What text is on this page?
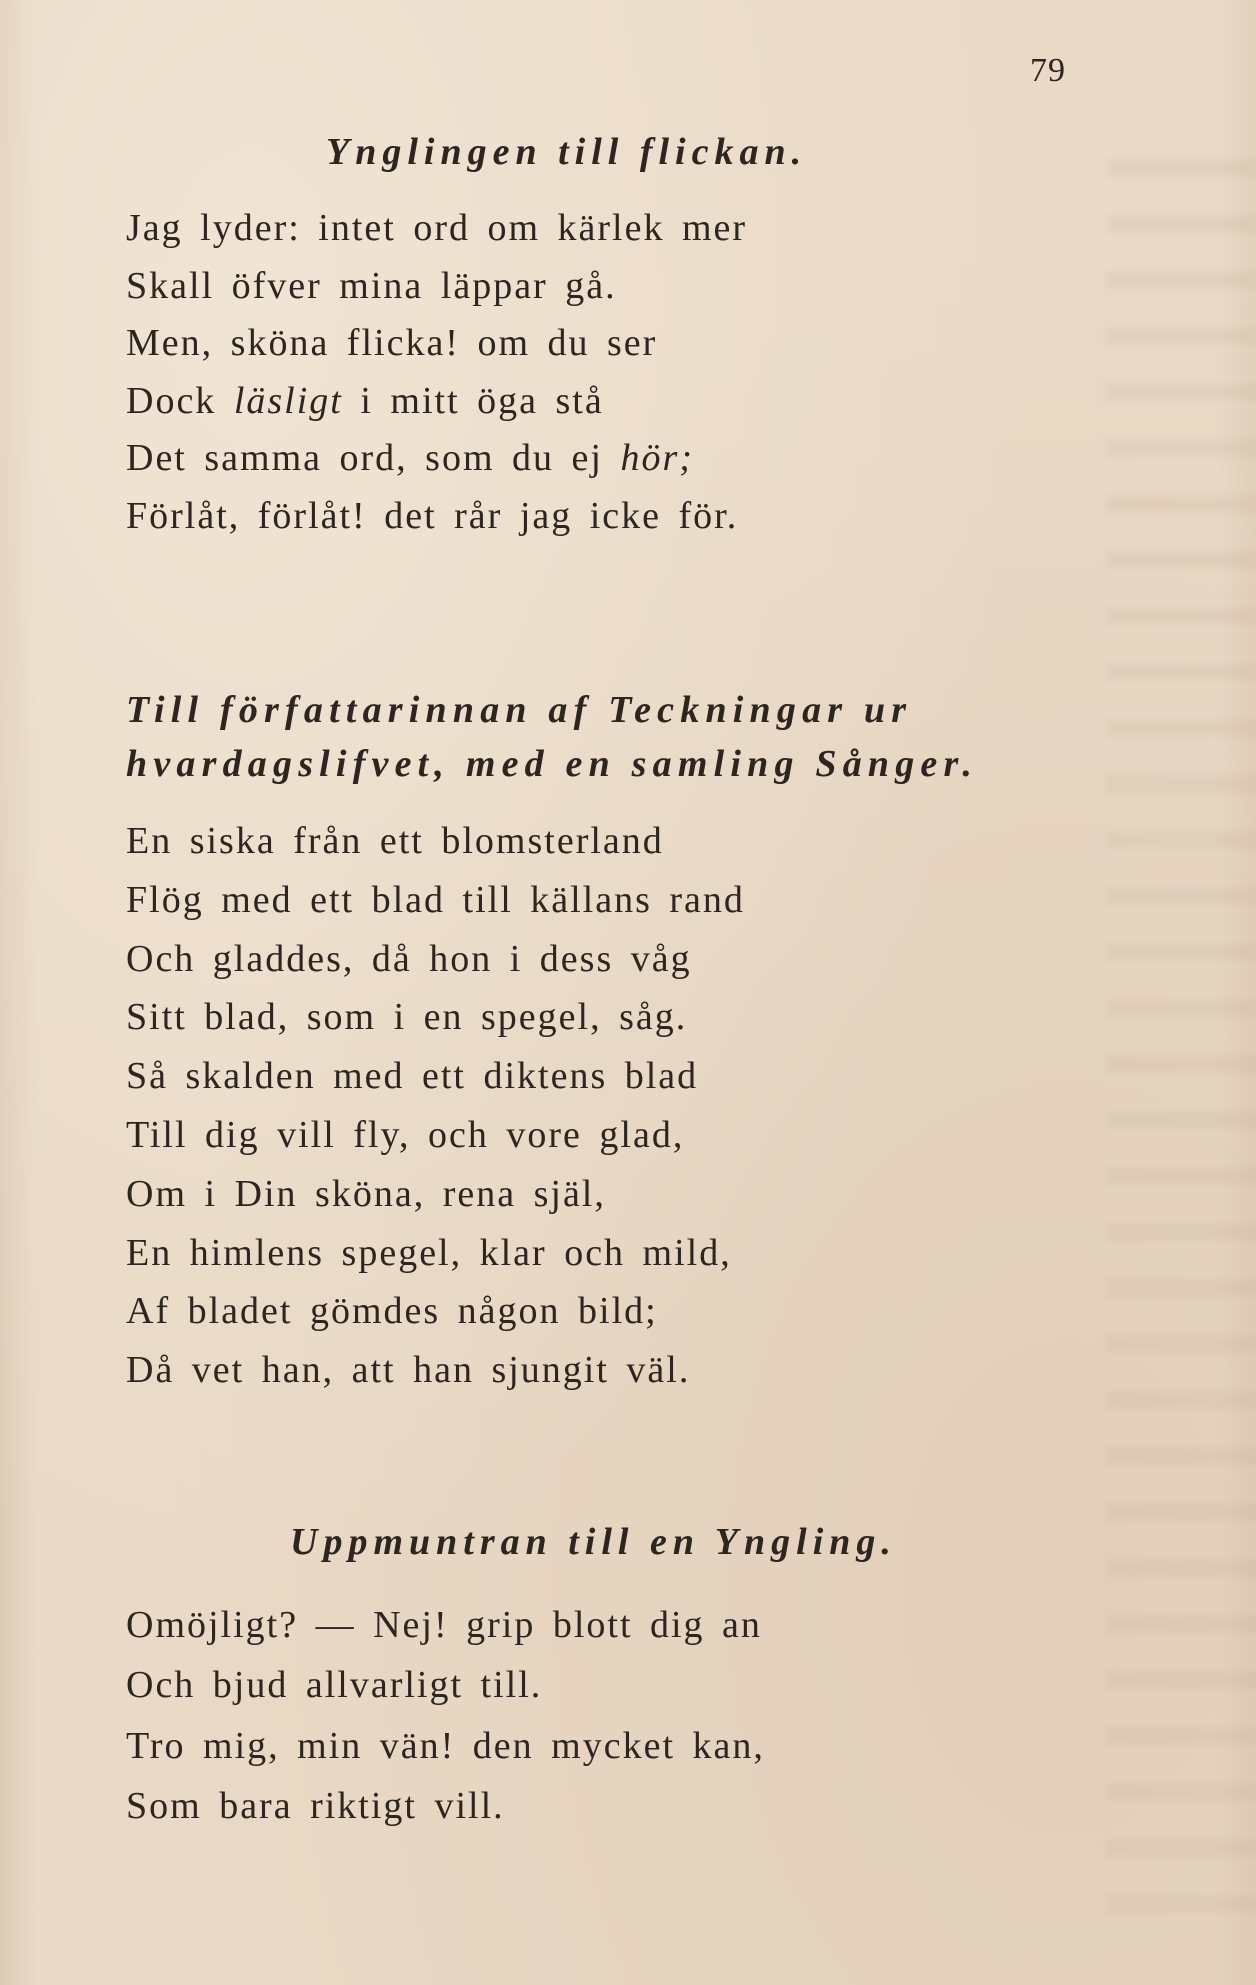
79
Ynglingen till flickan.
Jag lyder: intet ord om kärlek mer
Skall öfver mina läppar gå.
Men, sköna flicka! om du ser
Dock läsligt i mitt öga stå
Det samma ord, som du ej hör;
Förlåt, förlåt! det rår jag icke för.
Till författarinnan af Teckningar ur
hvardagslifvet, med en samling Sånger.
En siska från ett blomsterland
Flög med ett blad till källans rand
Och gladdes, då hon i dess våg
Sitt blad, som i en spegel, såg.
Så skalden med ett diktens blad
Till dig vill fly, och vore glad,
Om i Din sköna, rena själ,
En himlens spegel, klar och mild,
Af bladet gömdes någon bild;
Då vet han, att han sjungit väl.
Uppmuntran till en Yngling.
Omöjligt? — Nej! grip blott dig an
Och bjud allvarligt till.
Tro mig, min vän! den mycket kan,
Som bara riktigt vill.
